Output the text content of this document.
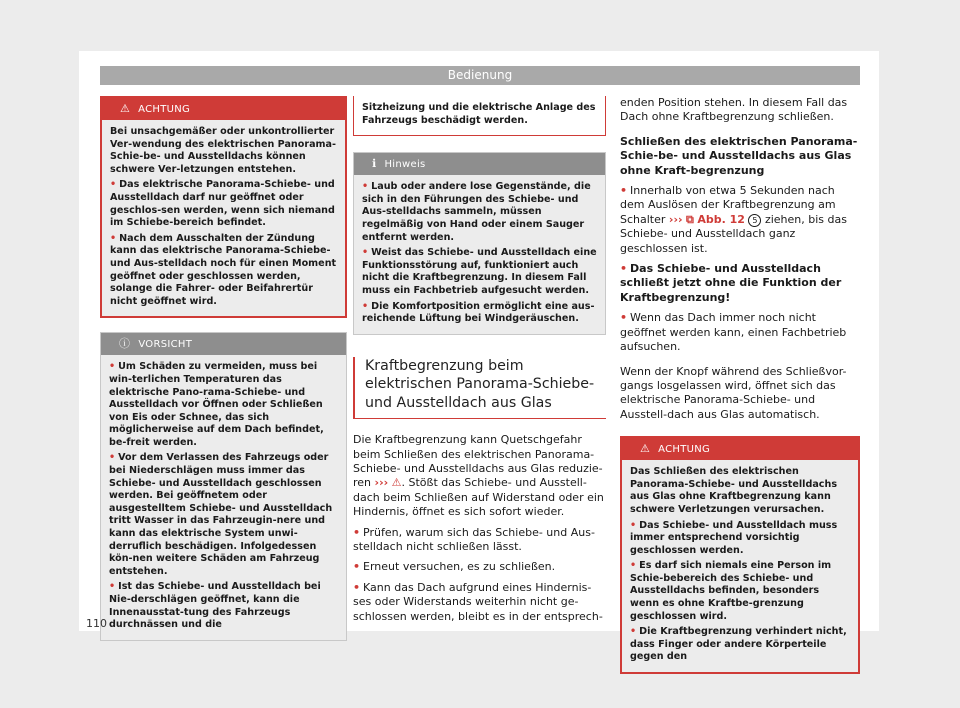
Bedienung
⚠ ACHTUNG

Bei unsachgemäßer oder unkontrollierter Ver-wendung des elektrischen Panorama-Schie-be- und Ausstelldachs können schwere Ver-letzungen entstehen.

• Das elektrische Panorama-Schiebe- und Ausstelldach darf nur geöffnet oder geschlos-sen werden, wenn sich niemand im Schiebe-bereich befindet.

• Nach dem Ausschalten der Zündung kann das elektrische Panorama-Schiebe- und Aus-stelldach noch für einen Moment geöffnet oder geschlossen werden, solange die Fahrer- oder Beifahrertür nicht geöffnet wird.

ⓘ VORSICHT

• Um Schäden zu vermeiden, muss bei win-terlichen Temperaturen das elektrische Pano-rama-Schiebe- und Ausstelldach vor Öffnen oder Schließen von Eis oder Schnee, das sich möglicherweise auf dem Dach befindet, be-freit werden.

• Vor dem Verlassen des Fahrzeugs oder bei Niederschlägen muss immer das Schiebe- und Ausstelldach geschlossen werden. Bei geöffnetem oder ausgestelltem Schiebe- und Ausstelldach tritt Wasser in das Fahrzeugin-nere und kann das elektrische System unwi-derruflich beschädigen. Infolgedessen kön-nen weitere Schäden am Fahrzeug entstehen.

• Ist das Schiebe- und Ausstelldach bei Nie-derschlägen geöffnet, kann die Innenausstat-tung des Fahrzeugs durchnässen und die

Sitzheizung und die elektrische Anlage des Fahrzeugs beschädigt werden.

ℹ Hinweis

• Laub oder andere lose Gegenstände, die sich in den Führungen des Schiebe- und Aus-stelldachs sammeln, müssen regelmäßig von Hand oder einem Sauger entfernt werden.

• Weist das Schiebe- und Ausstelldach eine Funktionsstörung auf, funktioniert auch nicht die Kraftbegrenzung. In diesem Fall muss ein Fachbetrieb aufgesucht werden.

• Die Komfortposition ermöglicht eine aus-reichende Lüftung bei Windgeräuschen.

Kraftbegrenzung beim elektrischen Panorama-Schiebe- und Ausstelldach aus Glas

Die Kraftbegrenzung kann Quetschgefahr beim Schließen des elektrischen Panorama-Schiebe- und Ausstelldachs aus Glas reduzie-ren ››› ⚠. Stößt das Schiebe- und Ausstell-dach beim Schließen auf Widerstand oder ein Hindernis, öffnet es sich sofort wieder.

• Prüfen, warum sich das Schiebe- und Aus-stelldach nicht schließen lässt.

• Erneut versuchen, es zu schließen.

• Kann das Dach aufgrund eines Hindernis-ses oder Widerstands weiterhin nicht ge-schlossen werden, bleibt es in der entsprech-

enden Position stehen. In diesem Fall das Dach ohne Kraftbegrenzung schließen.

Schließen des elektrischen Panorama-Schie-be- und Ausstelldachs aus Glas ohne Kraft-begrenzung

• Innerhalb von etwa 5 Sekunden nach dem Auslösen der Kraftbegrenzung am Schalter ››› ⧉ Abb. 12 5 ziehen, bis das Schiebe- und Ausstelldach ganz geschlossen ist.

• Das Schiebe- und Ausstelldach schließt jetzt ohne die Funktion der Kraftbegrenzung!

• Wenn das Dach immer noch nicht geöffnet werden kann, einen Fachbetrieb aufsuchen.

Wenn der Knopf während des Schließvor-gangs losgelassen wird, öffnet sich das elektrische Panorama-Schiebe- und Ausstell-dach aus Glas automatisch.

⚠ ACHTUNG

Das Schließen des elektrischen Panorama-Schiebe- und Ausstelldachs aus Glas ohne Kraftbegrenzung kann schwere Verletzungen verursachen.

• Das Schiebe- und Ausstelldach muss immer entsprechend vorsichtig geschlossen werden.

• Es darf sich niemals eine Person im Schie-bebereich des Schiebe- und Ausstelldachs befinden, besonders wenn es ohne Kraftbe-grenzung geschlossen wird.

• Die Kraftbegrenzung verhindert nicht, dass Finger oder andere Körperteile gegen den

110
